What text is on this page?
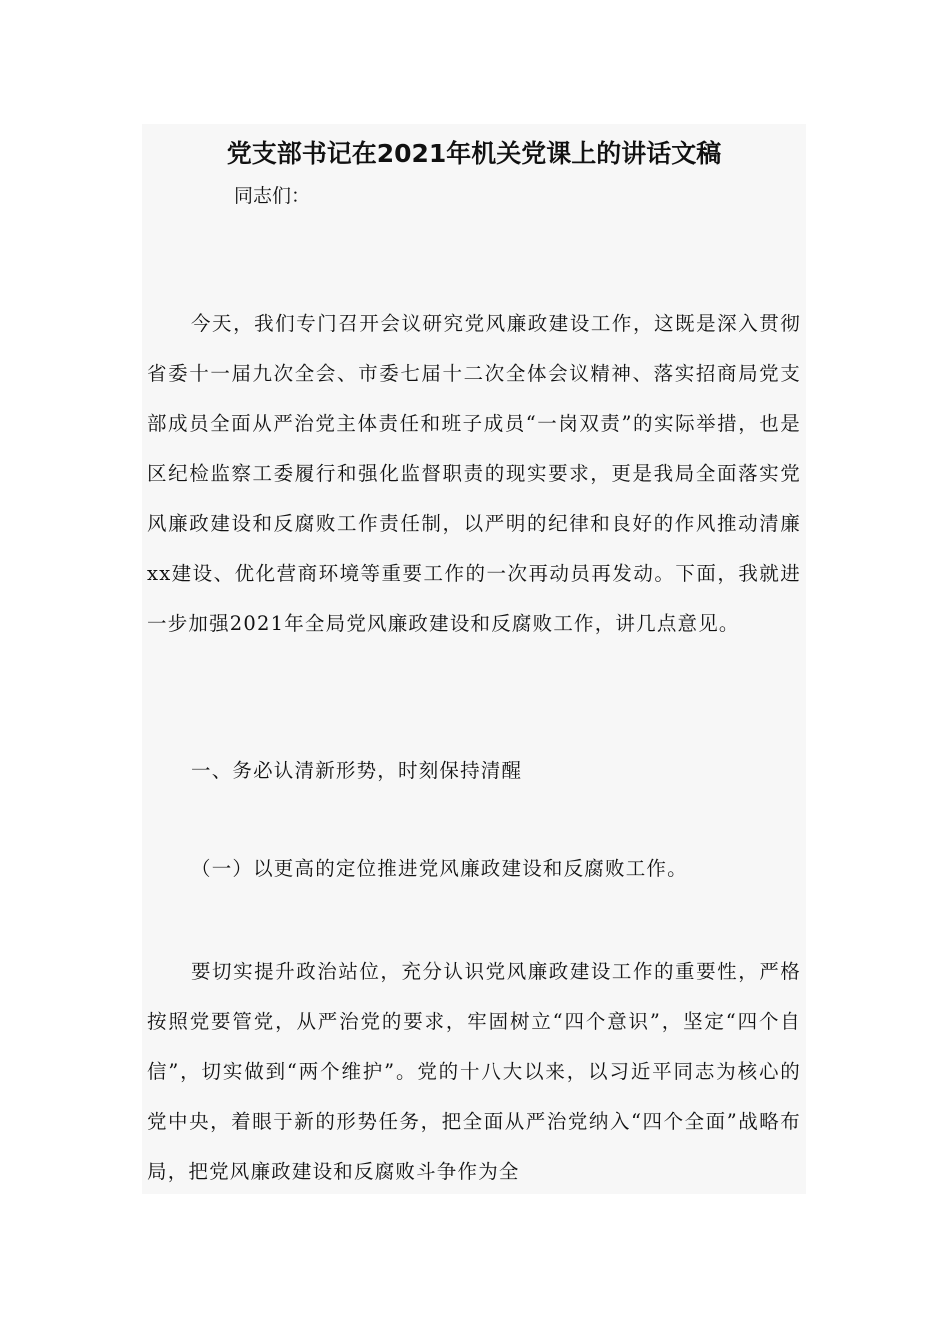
党支部书记在2021年机关党课上的讲话文稿

同志们：

今天，我们专门召开会议研究党风廉政建设工作，这既是深入贯彻省委十一届九次全会、市委七届十二次全体会议精神、落实招商局党支部成员全面从严治党主体责任和班子成员“一岗双责”的实际举措，也是区纪检监察工委履行和强化监督职责的现实要求，更是我局全面落实党风廉政建设和反腐败工作责任制，以严明的纪律和良好的作风推动清廉xx建设、优化营商环境等重要工作的一次再动员再发动。下面，我就进一步加强2021年全局党风廉政建设和反腐败工作，讲几点意见。

一、务必认清新形势，时刻保持清醒

（一）以更高的定位推进党风廉政建设和反腐败工作。

要切实提升政治站位，充分认识党风廉政建设工作的重要性，严格按照党要管党，从严治党的要求，牢固树立“四个意识”，坚定“四个自信”，切实做到“两个维护”。党的十八大以来，以习近平同志为核心的党中央，着眼于新的形势任务，把全面从严治党纳入“四个全面”战略布局，把党风廉政建设和反腐败斗争作为全
